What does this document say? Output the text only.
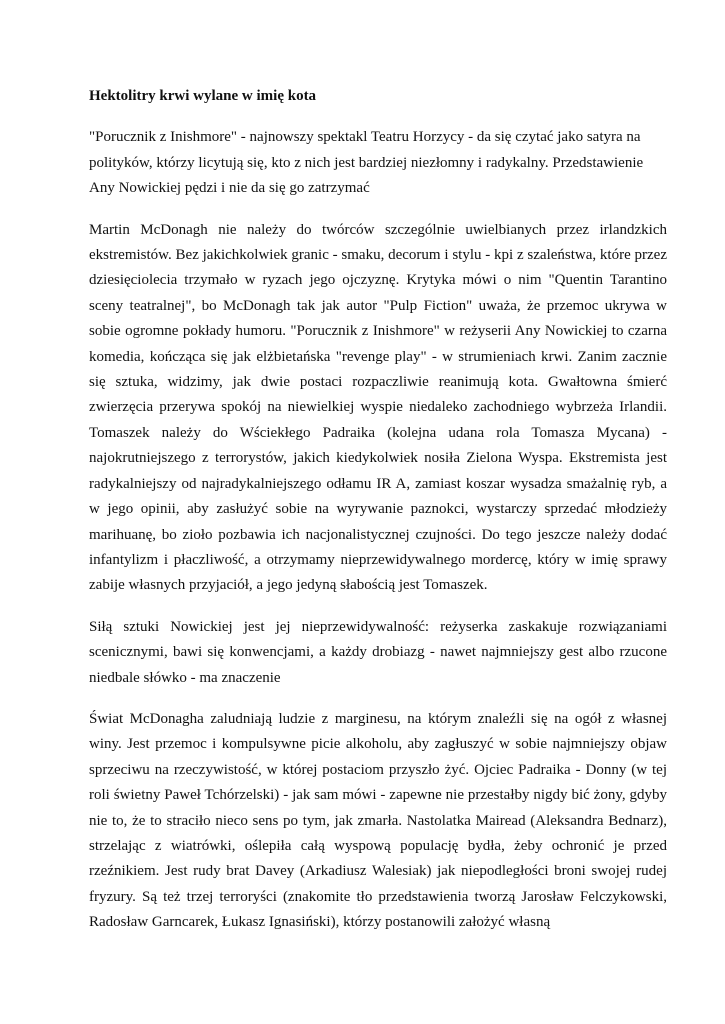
Hektolitry krwi wylane w imię kota
"Porucznik z Inishmore" - najnowszy spektakl Teatru Horzycy - da się czytać jako satyra na polityków, którzy licytują się, kto z nich jest bardziej niezłomny i radykalny. Przedstawienie Any Nowickiej pędzi i nie da się go zatrzymać
Martin McDonagh nie należy do twórców szczególnie uwielbianych przez irlandzkich ekstremistów. Bez jakichkolwiek granic - smaku, decorum i stylu - kpi z szaleństwa, które przez dziesięciolecia trzymało w ryzach jego ojczyznę. Krytyka mówi o nim "Quentin Tarantino sceny teatralnej", bo McDonagh tak jak autor "Pulp Fiction" uważa, że przemoc ukrywa w sobie ogromne pokłady humoru. "Porucznik z Inishmore" w reżyserii Any Nowickiej to czarna komedia, kończąca się jak elżbietańska "revenge play" - w strumieniach krwi. Zanim zacznie się sztuka, widzimy, jak dwie postaci rozpaczliwie reanimują kota. Gwałtowna śmierć zwierzęcia przerywa spokój na niewielkiej wyspie niedaleko zachodniego wybrzeża Irlandii. Tomaszek należy do Wściekłego Padraika (kolejna udana rola Tomasza Mycana) - najokrutniejszego z terrorystów, jakich kiedykolwiek nosiła Zielona Wyspa. Ekstremista jest radykalniejszy od najradykalniejszego odłamu IR A, zamiast koszar wysadza smażalnię ryb, a w jego opinii, aby zasłużyć sobie na wyrywanie paznokci, wystarczy sprzedać młodzieży marihuanę, bo zioło pozbawia ich nacjonalistycznej czujności. Do tego jeszcze należy dodać infantylizm i płaczliwość, a otrzymamy nieprzewidywalnego mordercę, który w imię sprawy zabije własnych przyjaciół, a jego jedyną słabością jest Tomaszek.
Siłą sztuki Nowickiej jest jej nieprzewidywalność: reżyserka zaskakuje rozwiązaniami scenicznymi, bawi się konwencjami, a każdy drobiazg - nawet najmniejszy gest albo rzucone niedbale słówko - ma znaczenie
Świat McDonagha zaludniają ludzie z marginesu, na którym znaleźli się na ogół z własnej winy. Jest przemoc i kompulsywne picie alkoholu, aby zagłuszyć w sobie najmniejszy objaw sprzeciwu na rzeczywistość, w której postaciom przyszło żyć. Ojciec Padraika - Donny (w tej roli świetny Paweł Tchórzelski) - jak sam mówi - zapewne nie przestałby nigdy bić żony, gdyby nie to, że to straciło nieco sens po tym, jak zmarła. Nastolatka Mairead (Aleksandra Bednarz), strzelając z wiatrówki, oślepiła całą wyspową populację bydła, żeby ochronić je przed rzeźnikiem. Jest rudy brat Davey (Arkadiusz Walesiak) jak niepodległości broni swojej rudej fryzury. Są też trzej terroryści (znakomite tło przedstawienia tworzą Jarosław Felczykowski, Radosław Garncarek, Łukasz Ignasiński), którzy postanowili założyć własną
